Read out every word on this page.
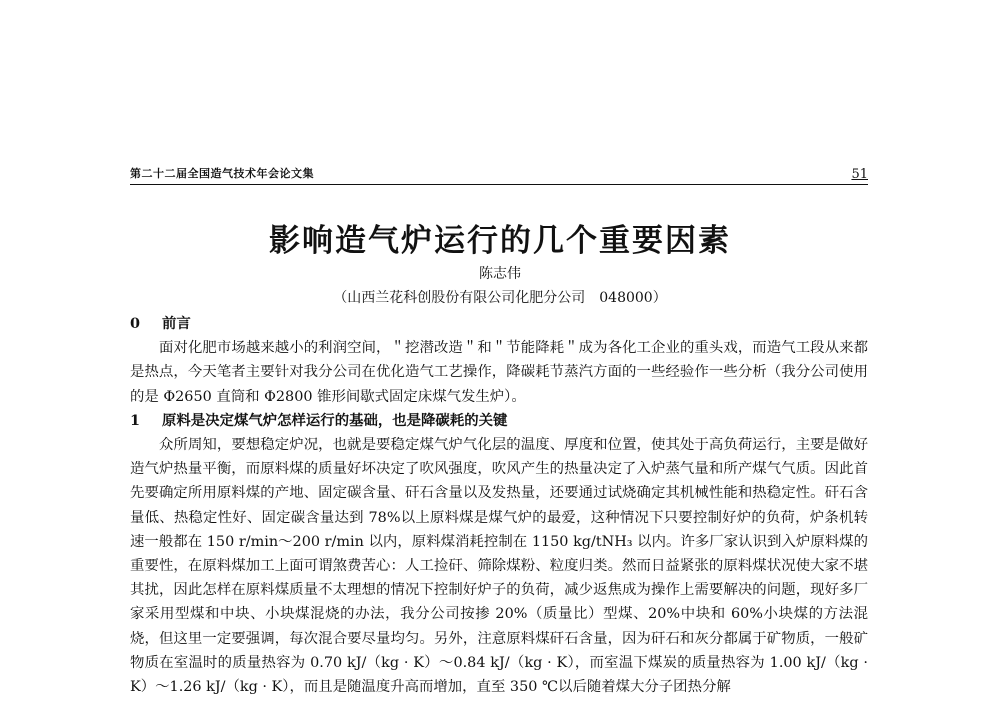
第二十二届全国造气技术年会论文集	51
影响造气炉运行的几个重要因素
陈志伟
（山西兰花科创股份有限公司化肥分公司　048000）

0 前言

面对化肥市场越来越小的利润空间，＂挖潜改造＂和＂节能降耗＂成为各化工企业的重头戏，而造气工段从来都是热点，今天笔者主要针对我分公司在优化造气工艺操作，降碳耗节蒸汽方面的一些经验作一些分析（我分公司使用的是 Φ2650 直筒和 Φ2800 锥形间歇式固定床煤气发生炉）。

1 原料是决定煤气炉怎样运行的基础，也是降碳耗的关键

众所周知，要想稳定炉况，也就是要稳定煤气炉气化层的温度、厚度和位置，使其处于高负荷运行，主要是做好造气炉热量平衡，而原料煤的质量好坏决定了吹风强度，吹风产生的热量决定了入炉蒸气量和所产煤气气质。因此首先要确定所用原料煤的产地、固定碳含量、矸石含量以及发热量，还要通过试烧确定其机械性能和热稳定性。矸石含量低、热稳定性好、固定碳含量达到 78%以上原料煤是煤气炉的最爱，这种情况下只要控制好炉的负荷，炉条机转速一般都在 150 r/min～200 r/min 以内，原料煤消耗控制在 1150 kg/tNH₃ 以内。许多厂家认识到入炉原料煤的重要性，在原料煤加工上面可谓煞费苦心：人工捡矸、筛除煤粉、粒度归类。然而日益紧张的原料煤状况使大家不堪其扰，因此怎样在原料煤质量不太理想的情况下控制好炉子的负荷，减少返焦成为操作上需要解决的问题，现好多厂家采用型煤和中块、小块煤混烧的办法，我分公司按掺 20%（质量比）型煤、20%中块和 60%小块煤的方法混烧，但这里一定要强调，每次混合要尽量均匀。另外，注意原料煤矸石含量，因为矸石和灰分都属于矿物质，一般矿物质在室温时的质量热容为 0.70 kJ/（kg · K）～0.84 kJ/（kg · K），而室温下煤炭的质量热容为 1.00 kJ/（kg · K）～1.26 kJ/（kg · K），而且是随温度升高而增加，直至 350 ℃以后随着煤大分子团热分解
